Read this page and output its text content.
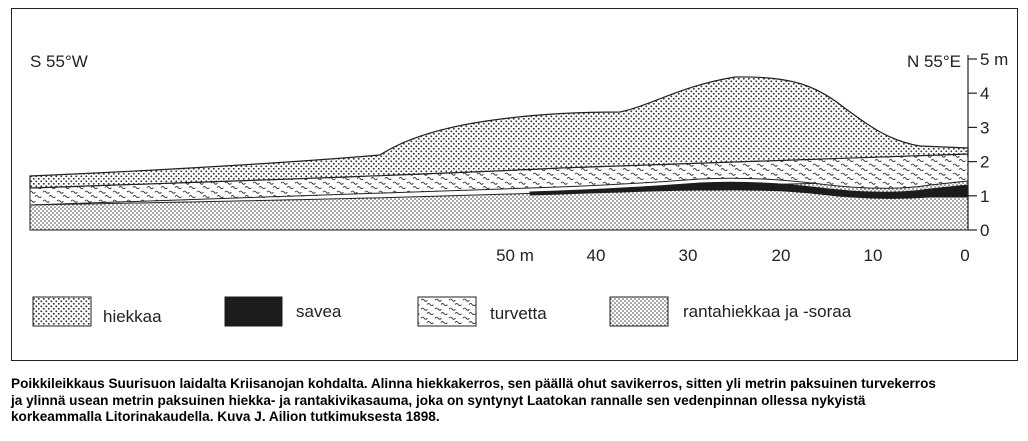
0
1
2
3
4
5 m
50 m	40	30	20	10	0
S 55°W	N 55°E
hiekkaa	savea	turvetta	rantahiekkaa ja -soraa
Poikkileikkaus Suurisuon laidalta Kriisanojan kohdalta. Alinna hiekkakerros, sen päällä ohut savikerros, sitten yli metrin paksuinen turvekerros
ja ylinnä usean metrin paksuinen hiekka- ja rantakivikasauma, joka on syntynyt Laatokan rannalle sen vedenpinnan ollessa nykyistä
korkeammalla Litorinakaudella. Kuva J. Ailion tutkimuksesta 1898.
